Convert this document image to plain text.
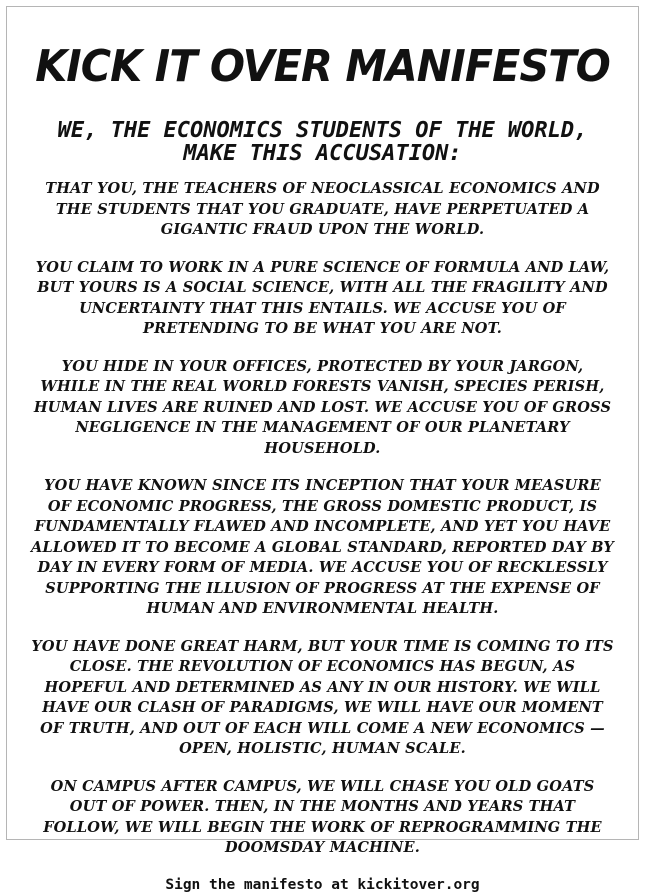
KICK IT OVER MANIFESTO
WE, THE ECONOMICS STUDENTS OF THE WORLD, MAKE THIS ACCUSATION:

THAT YOU, THE TEACHERS OF NEOCLASSICAL ECONOMICS AND THE STUDENTS THAT YOU GRADUATE, HAVE PERPETUATED A GIGANTIC FRAUD UPON THE WORLD.

YOU CLAIM TO WORK IN A PURE SCIENCE OF FORMULA AND LAW, BUT YOURS IS A SOCIAL SCIENCE, WITH ALL THE FRAGILITY AND UNCERTAINTY THAT THIS ENTAILS. WE ACCUSE YOU OF PRETENDING TO BE WHAT YOU ARE NOT.

YOU HIDE IN YOUR OFFICES, PROTECTED BY YOUR JARGON, WHILE IN THE REAL WORLD FORESTS VANISH, SPECIES PERISH, HUMAN LIVES ARE RUINED AND LOST. WE ACCUSE YOU OF GROSS NEGLIGENCE IN THE MANAGEMENT OF OUR PLANETARY HOUSEHOLD.

YOU HAVE KNOWN SINCE ITS INCEPTION THAT YOUR MEASURE OF ECONOMIC PROGRESS, THE GROSS DOMESTIC PRODUCT, IS FUNDAMENTALLY FLAWED AND INCOMPLETE, AND YET YOU HAVE ALLOWED IT TO BECOME A GLOBAL STANDARD, REPORTED DAY BY DAY IN EVERY FORM OF MEDIA. WE ACCUSE YOU OF RECKLESSLY SUPPORTING THE ILLUSION OF PROGRESS AT THE EXPENSE OF HUMAN AND ENVIRONMENTAL HEALTH.

YOU HAVE DONE GREAT HARM, BUT YOUR TIME IS COMING TO ITS CLOSE. THE REVOLUTION OF ECONOMICS HAS BEGUN, AS HOPEFUL AND DETERMINED AS ANY IN OUR HISTORY. WE WILL HAVE OUR CLASH OF PARADIGMS, WE WILL HAVE OUR MOMENT OF TRUTH, AND OUT OF EACH WILL COME A NEW ECONOMICS — OPEN, HOLISTIC, HUMAN SCALE.

ON CAMPUS AFTER CAMPUS, WE WILL CHASE YOU OLD GOATS OUT OF POWER. THEN, IN THE MONTHS AND YEARS THAT FOLLOW, WE WILL BEGIN THE WORK OF REPROGRAMMING THE DOOMSDAY MACHINE.

Sign the manifesto at kickitover.org
